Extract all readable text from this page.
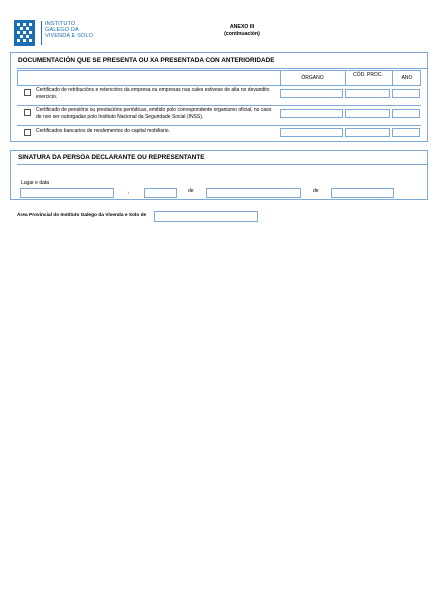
INSTITUTO
GALEGO DA
VIVENDA E SOLO
ANEXO III
(continuación)
DOCUMENTACIÓN QUE SE PRESENTA OU XA PRESENTADA CON ANTERIORIDADE
ÓRGANO	CÓD. PROC.	ANO
Certificado de retribucións e retencións da empresa ou empresas nas cales estivese de alta no devandito exercicio.
Certificado de pensións ou prestacións periódicas, emitido polo correspondente organismo oficial, no caso de non ser outorgadas polo Instituto Nacional da Seguridade Social (INSS).
Certificados bancarios de rendementos do capital mobiliario.
SINATURA DA PERSOA DECLARANTE OU REPRESENTANTE
Lugar e data
,	de	de
Área Provincial do Instituto Galego da Vivenda e Solo de
